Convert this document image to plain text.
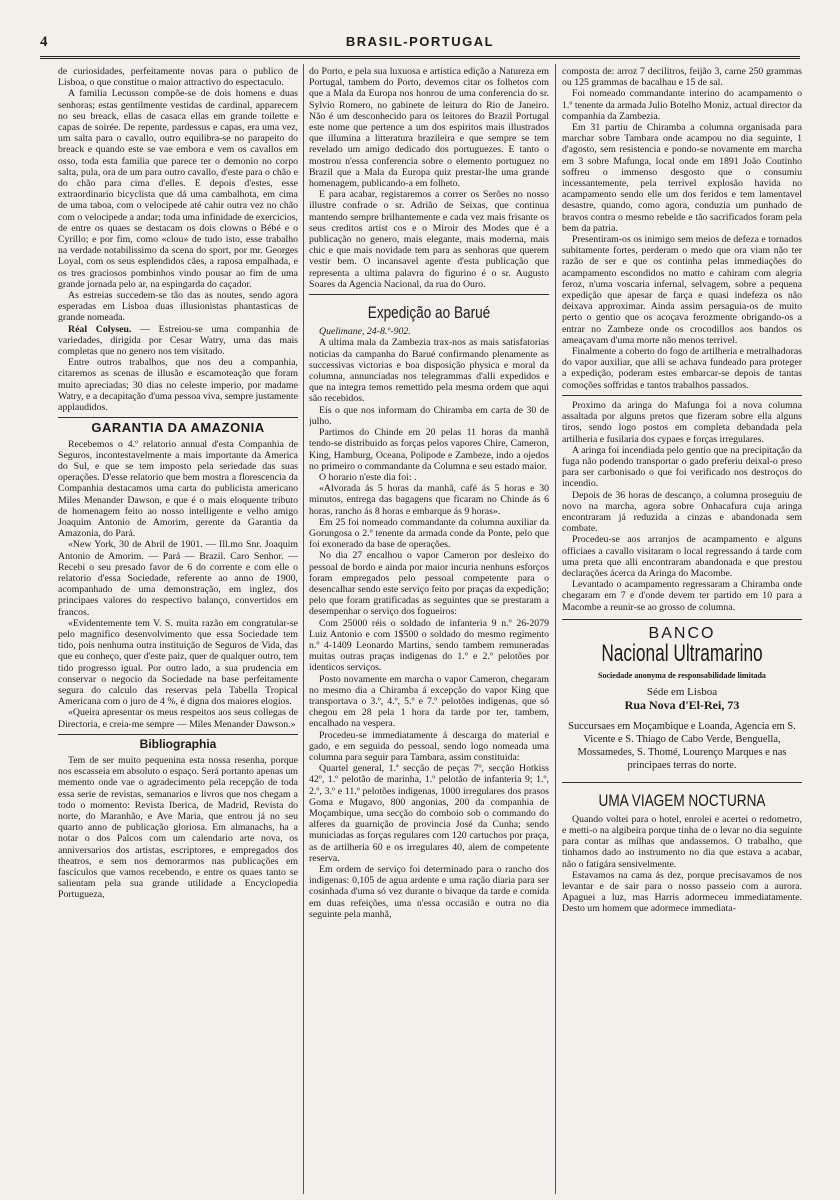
4	BRASIL-PORTUGAL

de curiosidades, perfeitamente novas para o publico de Lisboa, o que constitue o maior attractivo do espectaculo.

A familia Lecusson compõe-se de dois homens e duas senhoras; estas gentilmente vestidas de cardinal, apparecem no seu breack, ellas de casaca ellas em grande toilette e capas de soirée. De repente, pardessus e capas, era uma vez, um salta para o cavallo, outro equilibra-se no parapeito do breack e quando este se vae embora e vem os cavallos em osso, toda esta familia que parece ter o demonio no corpo salta, pula, ora de um para outro cavallo, d'este para o chão e do chão para cima d'elles. E depois d'estes, esse extraordinario bicyclista que dá uma cambalhota, em cima de uma taboa, com o velocipede até cahir outra vez no chão com o velocipede a andar; toda uma infinidade de exercicios, de entre os quaes se destacam os dois clowns o Bébé e o Cyrillo; e por fim, como «clou» de tudo isto, esse trabalho na verdade notabilissimo da scena do sport, por mr. Georges Loyal, com os seus esplendidos cães, a raposa empalhada, e os tres graciosos pombinhos vindo pousar ao fim de uma grande jornada pelo ar, na espingarda do caçador.

As estreias succedem-se tão das as noutes, sendo agora esperadas em Lisboa duas illusionistas phantasticas de grande nomeada.

Réal Colyseu. — Estreiou-se uma companhia de variedades, dirigida por Cesar Watry, uma das mais completas que no genero nos tem visitado.

Entre outros trabalhos, que nos deu a companhia, citaremos as scenas de illusão e escamoteação que foram muito apreciadas; 30 dias no celeste imperio, por madame Watry, e a decapitação d'uma pessoa viva, sempre justamente applaudidos.

GARANTIA DA AMAZONIA

Recebemos o 4.º relatorio annual d'esta Companhia de Seguros, incontestavelmente a mais importante da America do Sul, e que se tem imposto pela seriedade das suas operações. D'esse relatorio que bem mostra a florescencia da Companhia destacamos uma carta do publicista americano Miles Menander Dawson, e que é o mais eloquente tributo de homenagem feito ao nosso intelligente e velho amigo Joaquim Antonio de Amorim, gerente da Garantia da Amazonia, do Pará.

«New York, 30 de Abril de 1901. — Ill.mo Snr. Joaquim Antonio de Amorim. — Pará — Brazil. Caro Senhor. — Recebi o seu presado favor de 6 do corrente e com elle o relatorio d'essa Sociedade, referente ao anno de 1900, acompanhado de uma demonstração, em inglez, dos principaes valores do respectivo balanço, convertidos em francos.

«Evidentemente tem V. S. muita razão em congratular-se pelo magnifico desenvolvimento que essa Sociedade tem tido, pois nenhuma outra instituição de Seguros de Vida, das que eu conheço, quer d'este paiz, quer de qualquer outro, tem tido progresso igual. Por outro lado, a sua prudencia em conservar o negocio da Sociedade na base perfeitamente segura do calculo das reservas pela Tabella Tropical Americana com o juro de 4 %, é digna dos maiores elogios.

«Queira apresentar os meus respeitos aos seus collegas de Directoria, e creia-me sempre — Miles Menander Dawson.»

Bibliographia

Tem de ser muito pequenina esta nossa resenha, porque nos escasseia em absoluto o espaço. Será portanto apenas um memento onde vae o agradecimento pela recepção de toda essa serie de revistas, semanarios e livros que nos chegam a todo o momento: Revista Iberica, de Madrid, Revista do norte, do Maranhão, e Ave Maria, que entrou já no seu quarto anno de publicação gloriosa. Em almanachs, ha a notar o dos Palcos com um calendario arte nova, os anniversarios dos artistas, escriptores, e empregados dos theatros, e sem nos demorarmos nas publicações em fasciculos que vamos recebendo, e entre os quaes tanto se salientam pela sua grande utilidade a Encyclopedia Portugueza,

do Porto, e pela sua luxuosa e artistica edição a Natureza em Portugal, tambem do Porto, devemos citar os folhetos com que a Mala da Europa nos honrou de uma conferencia do sr. Sylvio Romero, no gabinete de leitura do Rio de Janeiro. Não é um desconhecido para os leitores do Brazil Portugal este nome que pertence a um dos espiritos mais illustrados que illumina a litteratura brazileira e que sempre se tem revelado um amigo dedicado dos portuguezes. E tanto o mostrou n'essa conferencia sobre o elemento portuguez no Brazil que a Mala da Europa quiz prestar-lhe uma grande homenagem, publicando-a em folheto.

E para acabar, registaremos a correr os Serões no nosso illustre confrade o sr. Adrião de Seixas, que continua mantendo sempre brilhantemente e cada vez mais frisante os seus creditos artist cos e o Miroir des Modes que é a publicação no genero, mais elegante, mais moderna, mais chic e que mais novidade tem para as senhoras que querem vestir bem. O incansavel agente d'esta publicação que representa a ultima palavra do figurino é o sr. Augusto Soares da Agencia Nacional, da rua do Ouro.

Expedição ao Barué

Quelimane, 24-8.º-902.

A ultima mala da Zambezia trax-nos as mais satisfatorias noticias da campanha do Barué confirmando plenamente as successivas victorias e boa disposição physica e moral da columna, annunciadas nos telegrammas d'alli expedidos e que na integra temos remettido pela mesma ordem que aqui são recebidos.

Eis o que nos informam do Chiramba em carta de 30 de julho.

Partimos do Chinde em 20 pelas 11 horas da manhã tendo-se distribuido as forças pelos vapores Chire, Cameron, King, Hamburg, Oceana, Polipode e Zambeze, indo a ojedos no primeiro o commandante da Columna e seu estado maior.

O horario n'este dia foi: .

«Alvorada ás 5 horas da manhã, café ás 5 horas e 30 minutos, entrega das bagagens que ficaram no Chinde ás 6 horas, rancho ás 8 horas e embarque ás 9 horas».

Em 25 foi nomeado commandante da columna auxiliar da Gorungosa o 2.º tenente da armada conde da Ponte, pelo que foi exonerado da base de operações.

No dia 27 encalhou o vapor Cameron por desleixo do pessoal de bordo e ainda por maior incuria nenhuns esforços foram empregados pelo pessoal competente para o desencalhar sendo este serviço feito por praças da expedição; pelo que foram gratificadas as seguintes que se prestaram a desempenhar o serviço dos fogueiros:

Com 25000 réis o soldado de infanteria 9 n.º 26-2079 Luiz Antonio e com 1$500 o soldado do mesmo regimento n.º 4-1409 Leonardo Martins, sendo tambem remuneradas muitas outras praças indigenas do 1.º e 2.º pelotões por identicos serviços.

Posto novamente em marcha o vapor Cameron, chegaram no mesmo dia a Chiramba á excepção do vapor King que transportava o 3.º, 4.º, 5.º e 7.º pelotões indigenas, que só chegou em 28 pela 1 hora da tarde por ter, tambem, encalhado na vespera.

Procedeu-se immediatamente á descarga do material e gado, e em seguida do pessoal, sendo logo nomeada uma columna para seguir para Tambara, assim constituida:

Quartel general, 1.ª secção de peças 7º, secção Hotkiss 42º, 1.º pelotão de marinha, 1.º pelotão de infanteria 9; 1.º, 2.º, 3.º e 11.º pelotões indigenas, 1000 irregulares dos prasos Goma e Mugavo, 800 angonias, 200 da companhia de Moçambique, uma secção do comboio sob o commando do alferes da guarnição de provincia José da Cunha; sendo municiadas as forças regulares com 120 cartuchos por praça, as de artilheria 60 e os irregulares 40, alem de competente reserva.

Em ordem de serviço foi determinado para o rancho dos indigenas: 0,105 de agua ardente e uma ração diaria para ser cosinhada d'uma só vez durante o bivaque da tarde e comida em duas refeições, uma n'essa occasião e outra no dia seguinte pela manhã,

composta de: arroz 7 decilitros, feijão 3, carne 250 grammas ou 125 grammas de bacalhau e 15 de sal.

Foi nomeado commandante interino do acampamento o 1.º tenente da armada Julio Botelho Moniz, actual director da companhia da Zambezia.

Em 31 partiu de Chiramba a columna organisada para marchar sobre Tambara onde acampou no dia seguinte, 1 d'agosto, sem resistencia e pondo-se novamente em marcha em 3 sobre Mafunga, local onde em 1891 João Coutinho soffreu o immenso desgosto que o consumiu incessantemente, pela terrivel explosão havida no acampamento sendo elle um dos feridos e tem lamentavel desastre, quando, como agora, conduzia um punhado de bravos contra o mesmo rebelde e tão sacrificados foram pela bem da patria.

Presentiram-os os inimigo sem meios de defeza e tornados subitamente fortes, perderam o medo que ora viam não ter razão de ser e que os continha pelas immediações do acampamento escondidos no matto e cahiram com alegria feroz, n'uma voscaria infernal, selvagem, sobre a pequena expedição que apesar de farça e quasi indefeza os não deixava approximar. Ainda assim persaguia-os de muito perto o gentio que os acoçava ferozmente obrigando-os a entrar no Zambeze onde os crocodillos aos bandos os ameaçavam d'uma morte não menos terrivel.

Finalmente a coberto do fogo de artilheria e metralhadoras do vapor auxiliar, que alli se achava fundeado para proteger a expedição, poderam estes embarcar-se depois de tantas comoções soffridas e tantos trabalhos passados.

Proximo da aringa do Mafunga foi a nova columna assaltada por alguns pretos que fizeram sobre ella alguns tiros, sendo logo postos em completa debandada pela artilheria e fusilaria dos cypaes e forças irregulares.

A aringa foi incendiada pelo gentio que na precipitação da fuga não podendo transportar o gado preferiu deixal-o preso para ser carbonisado o que foi verificado nos destroços do incendio.

Depois de 36 horas de descanço, a columna proseguiu de novo na marcha, agora sobre Onhacafura cuja aringa encontraram já reduzida a cinzas e abandonada sem combate.

Procedeu-se aos arranjos de acampamento e alguns officiaes a cavallo visitaram o local regressando á tarde com uma preta que alli encontraram abandonada e que prestou declarações ácerca da Aringa do Macombe.

Levantado o acampamento regressaram a Chiramba onde chegaram em 7 e d'onde devem ter partido em 10 para a Macombe a reunir-se ao grosso de columna.

BANCO
Nacional Ultramarino
Sociedade anonyma de responsabilidade limitada
Séde em Lisboa
Rua Nova d'El-Rei, 73
Succursaes em Moçambique e Loanda, Agencia em S. Vicente e S. Thiago de Cabo Verde, Benguella, Mossamedes, S. Thomé, Lourenço Marques e nas principaes terras do norte.
UMA VIAGEM NOCTURNA

Quando voltei para o hotel, enrolei e acertei o redometro, e metti-o na algibeira porque tinha de o levar no dia seguinte para contar as milhas que andassemos. O trabalho, que tinhamos dado ao instrumento no dia que estava a acabar, não o fatigára sensivelmente.

Estavamos na cama ás dez, porque precisavamos de nos levantar e de sair para o nosso passeio com a aurora. Apaguei a luz, mas Harris adormeceu immediatamente. Desto um homem que adormece immediata-
